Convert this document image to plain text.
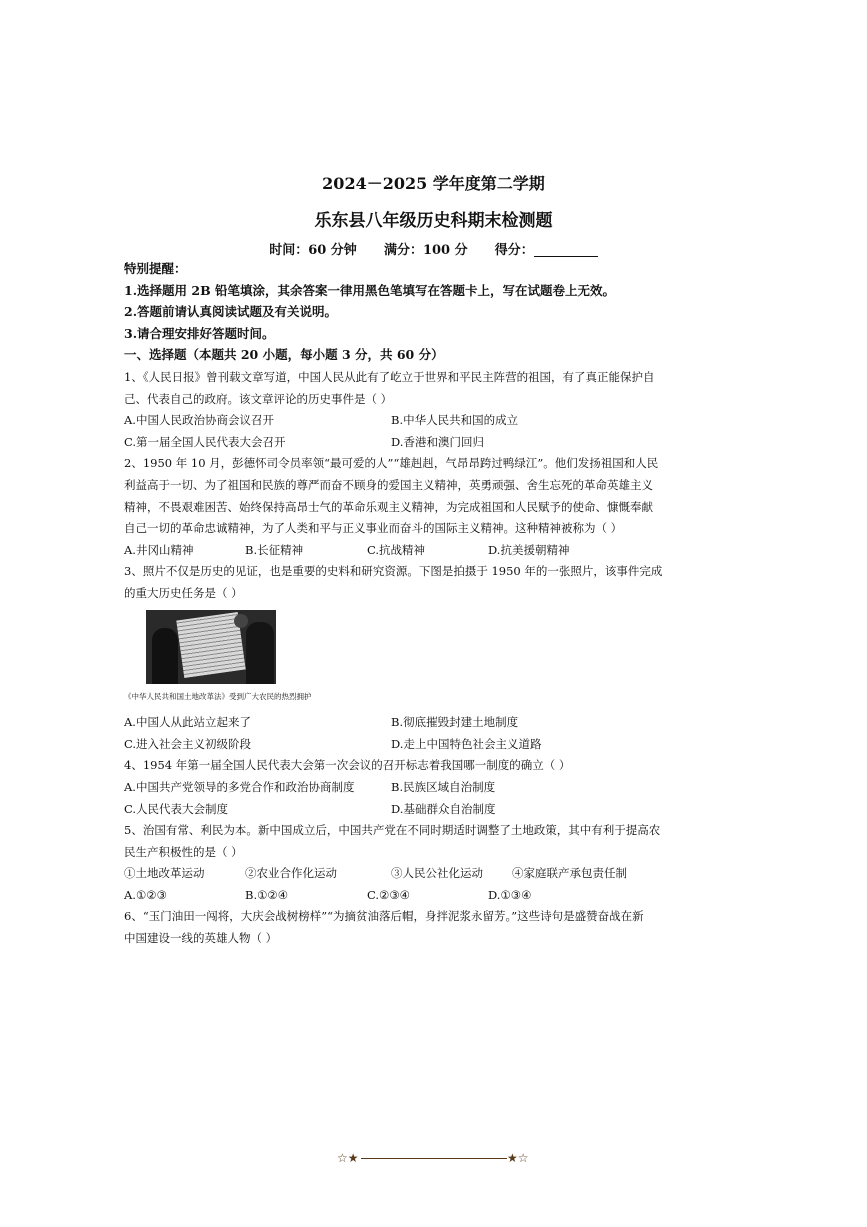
2024－2025 学年度第二学期
乐东县八年级历史科期末检测题
时间：60 分钟 满分：100 分 得分：
特别提醒：
1.选择题用 2B 铅笔填涂，其余答案一律用黑色笔填写在答题卡上，写在试题卷上无效。
2.答题前请认真阅读试题及有关说明。
3.请合理安排好答题时间。
一、选择题（本题共 20 小题，每小题 3 分，共 60 分）
1、《人民日报》曾刊载文章写道，中国人民从此有了屹立于世界和平民主阵营的祖国，有了真正能保护自
己、代表自己的政府。该文章评论的历史事件是（ ）
A.中国人民政治协商会议召开	B.中华人民共和国的成立
C.第一届全国人民代表大会召开	D.香港和澳门回归
2、1950 年 10 月，彭德怀司令员率领“最可爱的人”“雄赳赳，气昂昂跨过鸭绿江”。他们发扬祖国和人民
利益高于一切、为了祖国和民族的尊严而奋不顾身的爱国主义精神，英勇顽强、舍生忘死的革命英雄主义
精神，不畏艰难困苦、始终保持高昂士气的革命乐观主义精神，为完成祖国和人民赋予的使命、慷慨奉献
自己一切的革命忠诚精神，为了人类和平与正义事业而奋斗的国际主义精神。这种精神被称为（ ）
A.井冈山精神	B.长征精神	C.抗战精神	D.抗美援朝精神
3、照片不仅是历史的见证，也是重要的史料和研究资源。下图是拍摄于 1950 年的一张照片，该事件完成
的重大历史任务是（ ）
《中华人民共和国土地改革法》受到广大农民的热烈拥护
A.中国人从此站立起来了	B.彻底摧毁封建土地制度
C.进入社会主义初级阶段	D.走上中国特色社会主义道路
4、1954 年第一届全国人民代表大会第一次会议的召开标志着我国哪一制度的确立（ ）
A.中国共产党领导的多党合作和政治协商制度	B.民族区域自治制度
C.人民代表大会制度	D.基础群众自治制度
5、治国有常、利民为本。新中国成立后，中国共产党在不同时期适时调整了土地政策，其中有利于提高农
民生产积极性的是（ ）
①土地改革运动	②农业合作化运动	③人民公社化运动	④家庭联产承包责任制
A.①②③	B.①②④	C.②③④	D.①③④
6、“玉门油田一闯将，大庆会战树榜样”“为摘贫油落后帽，身拌泥浆永留芳。”这些诗句是盛赞奋战在新
中国建设一线的英雄人物（ ）
☆★	★☆
